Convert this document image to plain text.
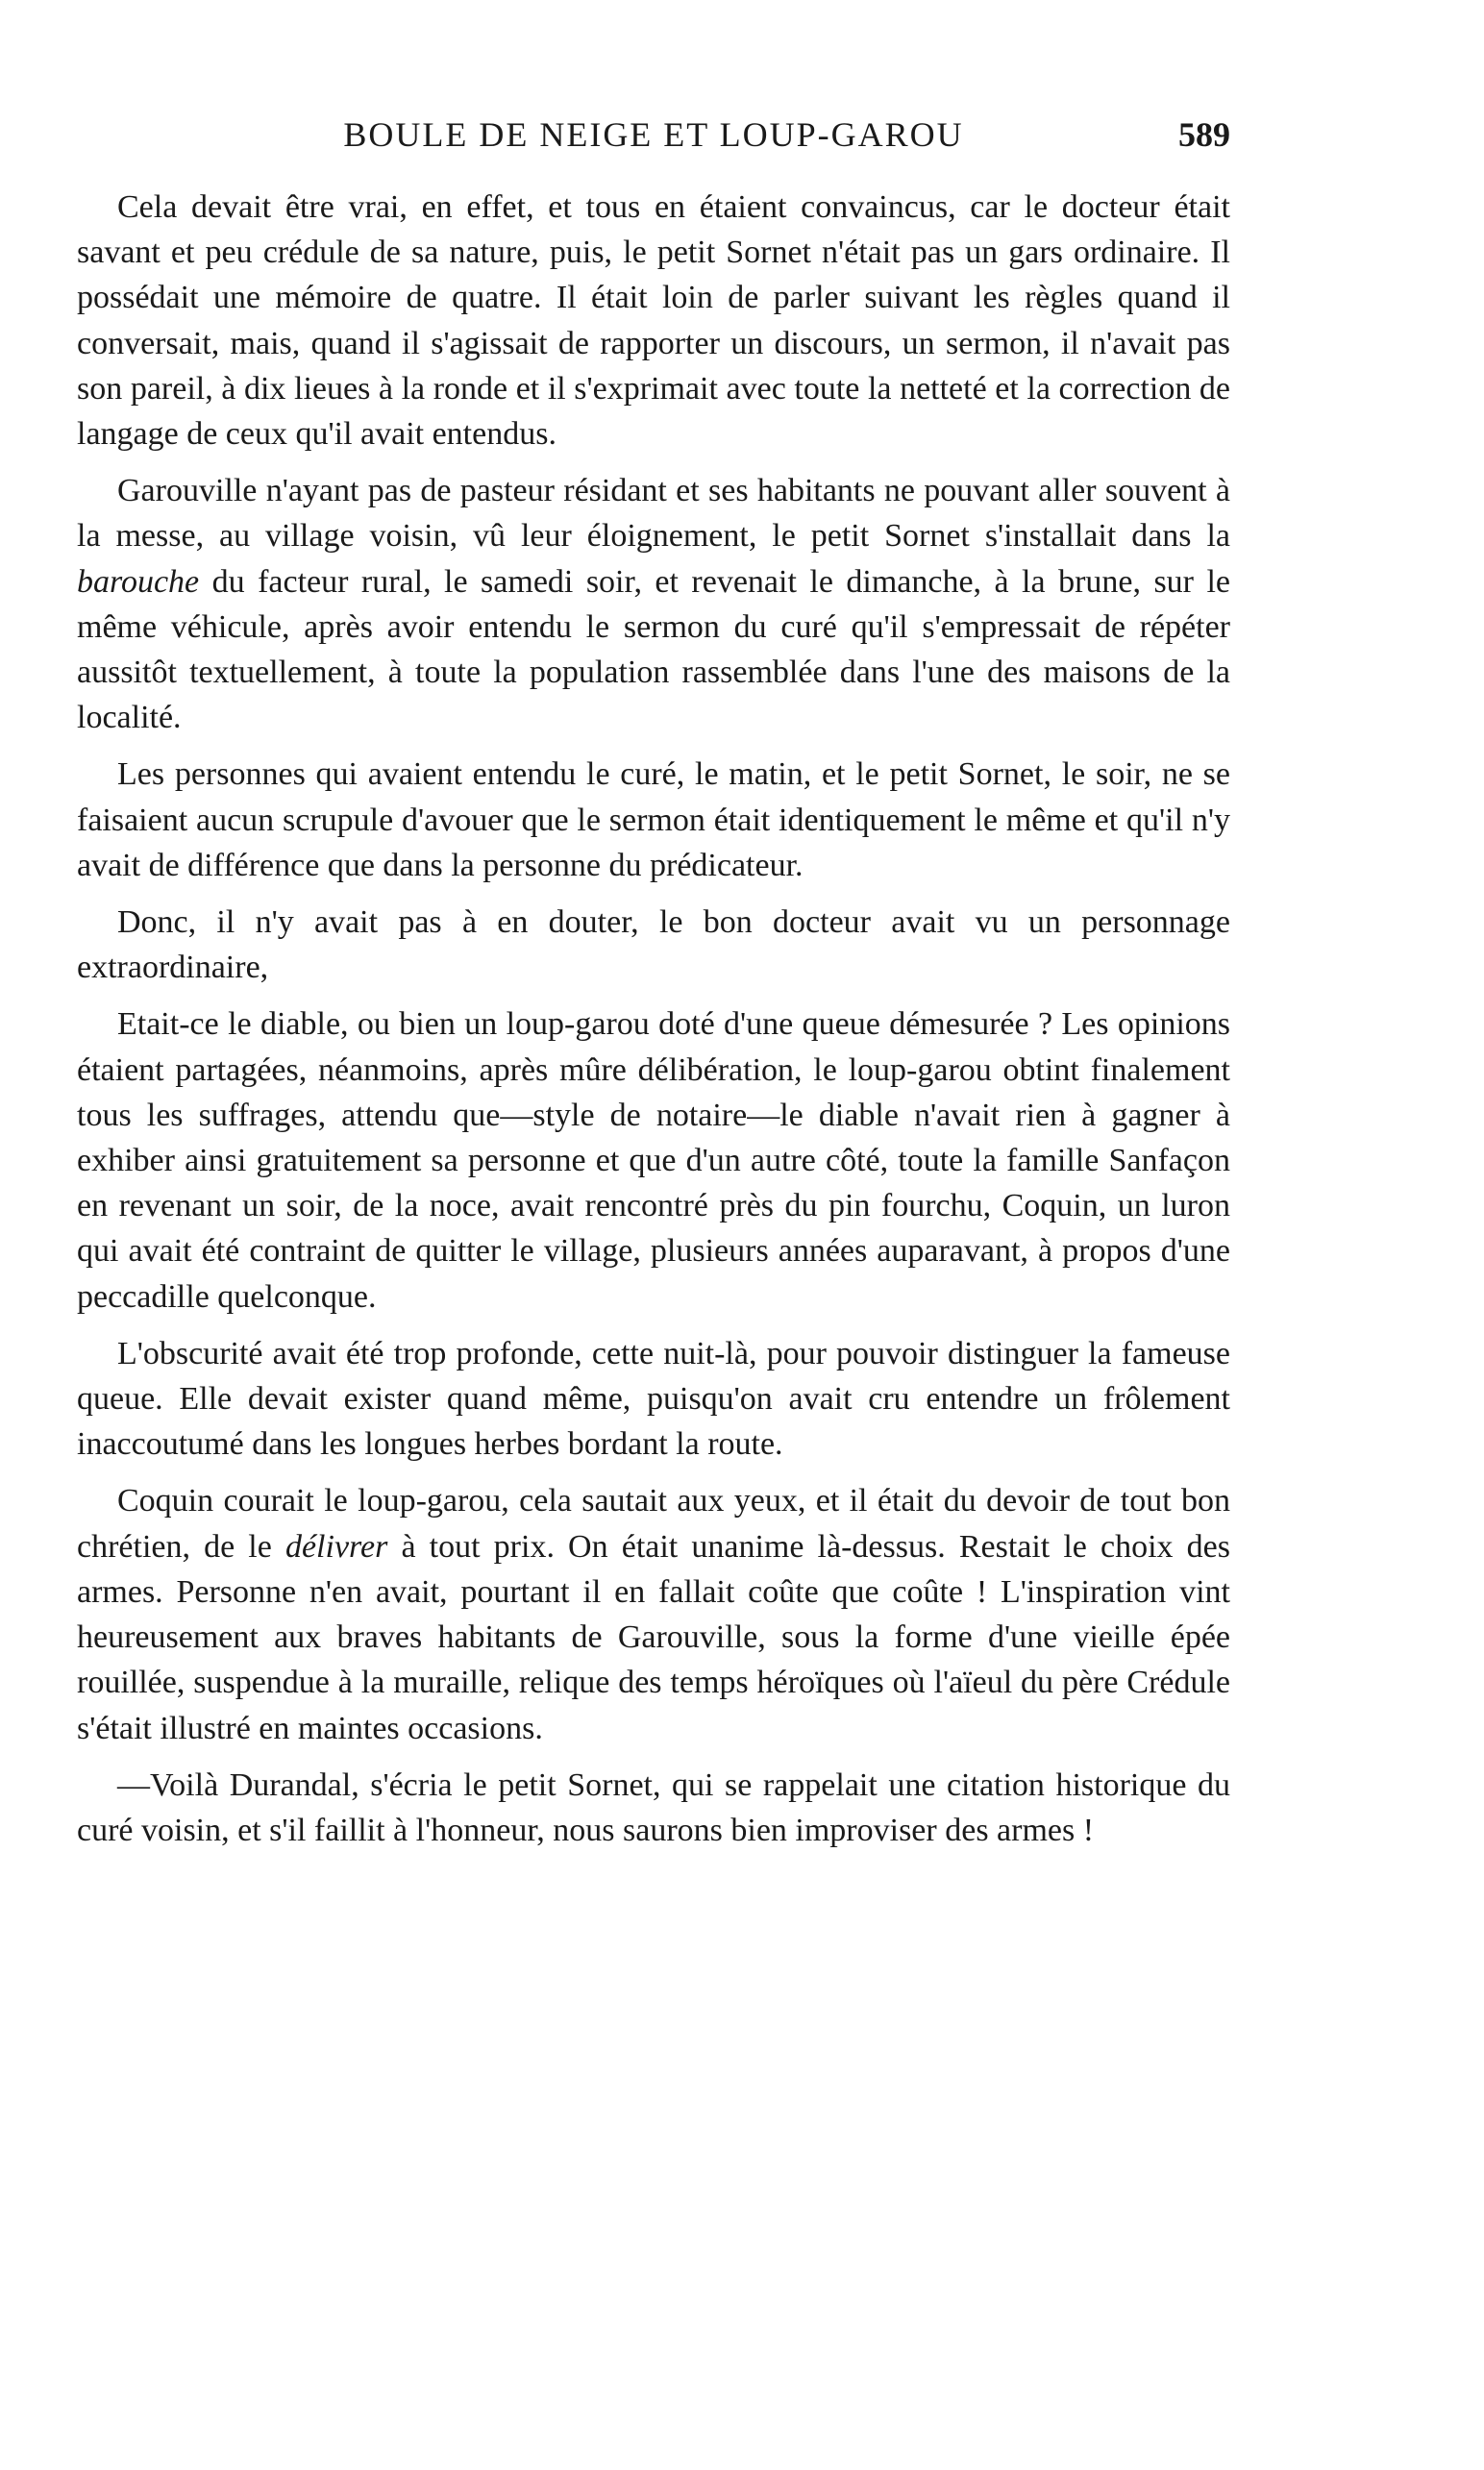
BOULE DE NEIGE ET LOUP-GAROU	589

Cela devait être vrai, en effet, et tous en étaient convaincus, car le docteur était savant et peu crédule de sa nature, puis, le petit Sornet n'était pas un gars ordinaire. Il possédait une mémoire de quatre. Il était loin de parler suivant les règles quand il conversait, mais, quand il s'agissait de rapporter un discours, un sermon, il n'avait pas son pareil, à dix lieues à la ronde et il s'exprimait avec toute la netteté et la correction de langage de ceux qu'il avait entendus.

Garouville n'ayant pas de pasteur résidant et ses habitants ne pouvant aller souvent à la messe, au village voisin, vû leur éloignement, le petit Sornet s'installait dans la barouche du facteur rural, le samedi soir, et revenait le dimanche, à la brune, sur le même véhicule, après avoir entendu le sermon du curé qu'il s'empressait de répéter aussitôt textuellement, à toute la population rassemblée dans l'une des maisons de la localité.

Les personnes qui avaient entendu le curé, le matin, et le petit Sornet, le soir, ne se faisaient aucun scrupule d'avouer que le sermon était identiquement le même et qu'il n'y avait de différence que dans la personne du prédicateur.

Donc, il n'y avait pas à en douter, le bon docteur avait vu un personnage extraordinaire,

Etait-ce le diable, ou bien un loup-garou doté d'une queue démesurée ? Les opinions étaient partagées, néanmoins, après mûre délibération, le loup-garou obtint finalement tous les suffrages, attendu que—style de notaire—le diable n'avait rien à gagner à exhiber ainsi gratuitement sa personne et que d'un autre côté, toute la famille Sanfaçon en revenant un soir, de la noce, avait rencontré près du pin fourchu, Coquin, un luron qui avait été contraint de quitter le village, plusieurs années auparavant, à propos d'une peccadille quelconque.

L'obscurité avait été trop profonde, cette nuit-là, pour pouvoir distinguer la fameuse queue. Elle devait exister quand même, puisqu'on avait cru entendre un frôlement inaccoutumé dans les longues herbes bordant la route.

Coquin courait le loup-garou, cela sautait aux yeux, et il était du devoir de tout bon chrétien, de le délivrer à tout prix. On était unanime là-dessus. Restait le choix des armes. Personne n'en avait, pourtant il en fallait coûte que coûte ! L'inspiration vint heureusement aux braves habitants de Garouville, sous la forme d'une vieille épée rouillée, suspendue à la muraille, relique des temps héroïques où l'aïeul du père Crédule s'était illustré en maintes occasions.

—Voilà Durandal, s'écria le petit Sornet, qui se rappelait une citation historique du curé voisin, et s'il faillit à l'honneur, nous saurons bien improviser des armes !
